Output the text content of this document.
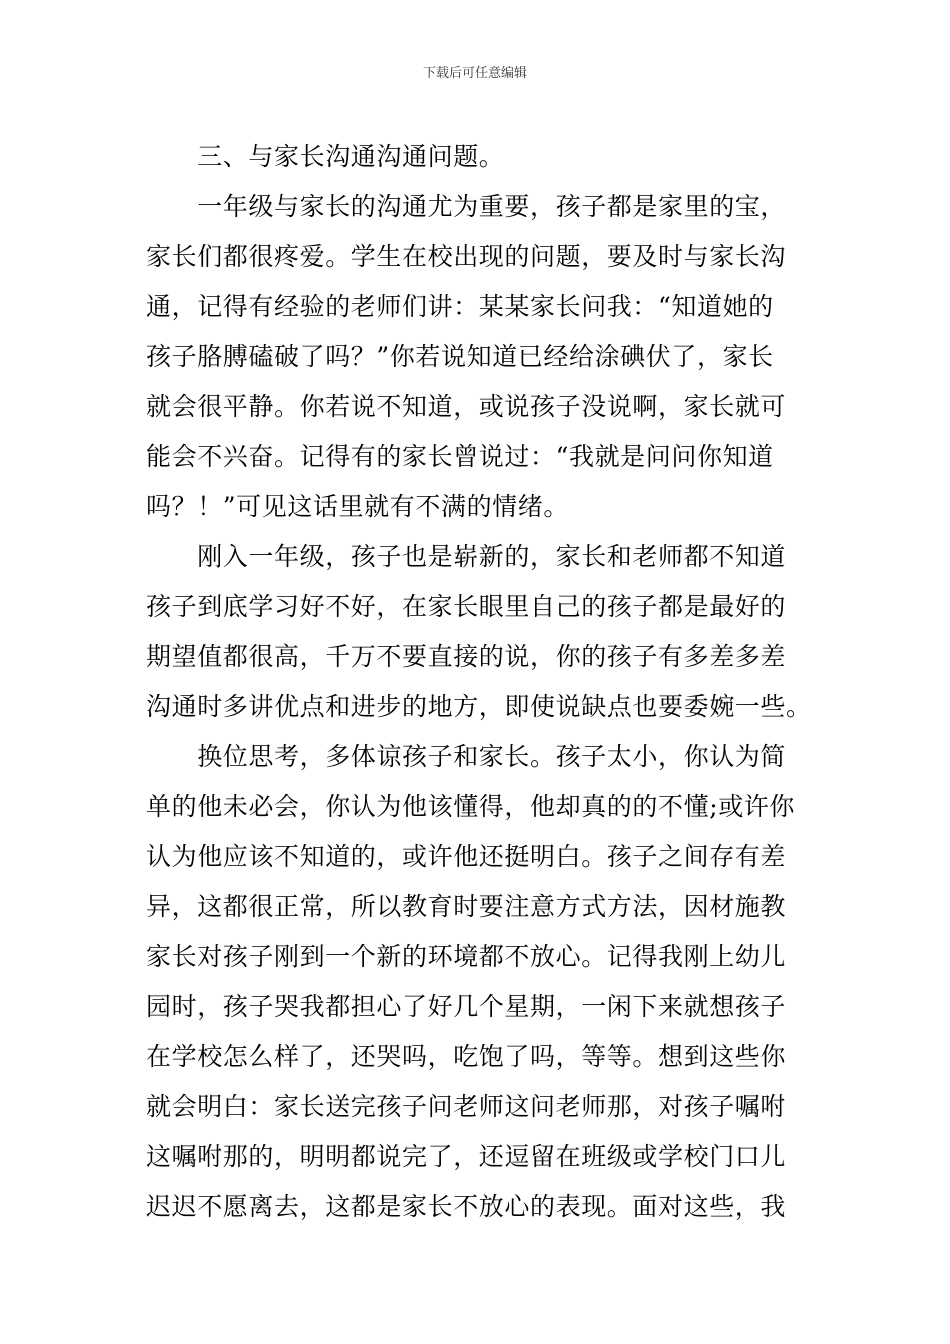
下载后可任意编辑
　　三、与家长沟通沟通问题。
　　一年级与家长的沟通尤为重要，孩子都是家里的宝，
家长们都很疼爱。学生在校出现的问题，要及时与家长沟
通，记得有经验的老师们讲：某某家长问我：“知道她的
孩子胳膊磕破了吗？”你若说知道已经给涂碘伏了，家长
就会很平静。你若说不知道，或说孩子没说啊，家长就可
能会不兴奋。记得有的家长曾说过：“我就是问问你知道
吗？！”可见这话里就有不满的情绪。
　　刚入一年级，孩子也是崭新的，家长和老师都不知道
孩子到底学习好不好，在家长眼里自己的孩子都是最好的
期望值都很高，千万不要直接的说，你的孩子有多差多差
沟通时多讲优点和进步的地方，即使说缺点也要委婉一些。
　　换位思考，多体谅孩子和家长。孩子太小，你认为简
单的他未必会，你认为他该懂得，他却真的的不懂;或许你
认为他应该不知道的，或许他还挺明白。孩子之间存有差
异，这都很正常，所以教育时要注意方式方法，因材施教
家长对孩子刚到一个新的环境都不放心。记得我刚上幼儿
园时，孩子哭我都担心了好几个星期，一闲下来就想孩子
在学校怎么样了，还哭吗，吃饱了吗，等等。想到这些你
就会明白：家长送完孩子问老师这问老师那，对孩子嘱咐
这嘱咐那的，明明都说完了，还逗留在班级或学校门口儿
迟迟不愿离去，这都是家长不放心的表现。面对这些，我
